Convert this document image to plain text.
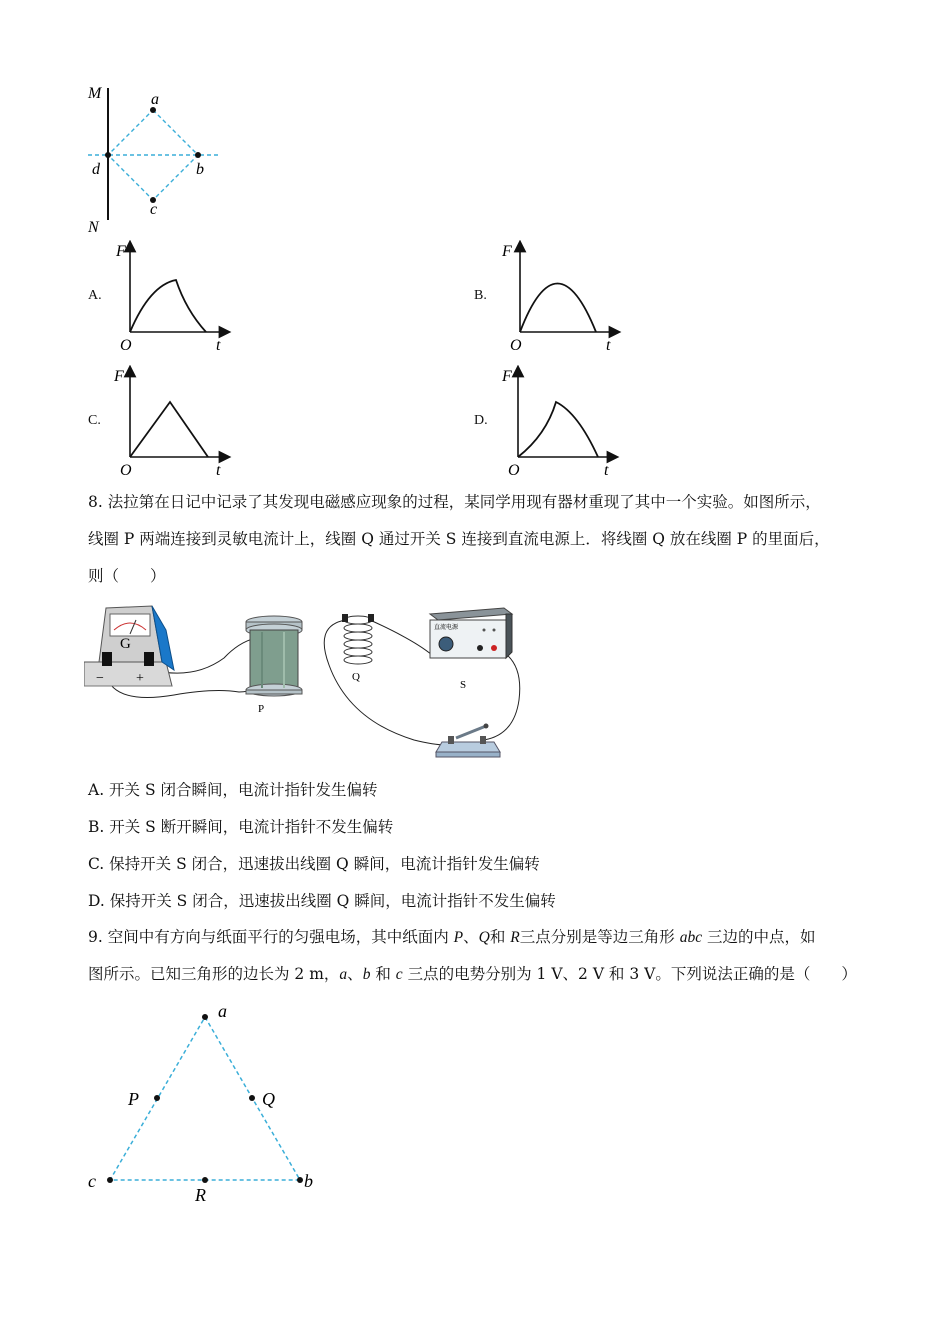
M
N
a
b
c
d
A.
F
O	t
B.
F
O	t
C.
F
O	t
D.
F
O	t
8. 法拉第在日记中记录了其发现电磁感应现象的过程，某同学用现有器材重现了其中一个实验。如图所示，
线圈 P 两端连接到灵敏电流计上，线圈 Q 通过开关 S 连接到直流电源上．将线圈 Q 放在线圈 P 的里面后，
则（　　）
G
− +
P
Q
直流电源
S
A. 开关 S 闭合瞬间，电流计指针发生偏转
B. 开关 S 断开瞬间，电流计指针不发生偏转
C. 保持开关 S 闭合，迅速拔出线圈 Q 瞬间，电流计指针发生偏转
D. 保持开关 S 闭合，迅速拔出线圈 Q 瞬间，电流计指针不发生偏转
9. 空间中有方向与纸面平行的匀强电场，其中纸面内 P、Q和 R三点分别是等边三角形 abc 三边的中点，如
图所示。已知三角形的边长为 2 m，a、b 和 c 三点的电势分别为 1 V、2 V 和 3 V。下列说法正确的是（　　）
a
b
c
P	Q
R
